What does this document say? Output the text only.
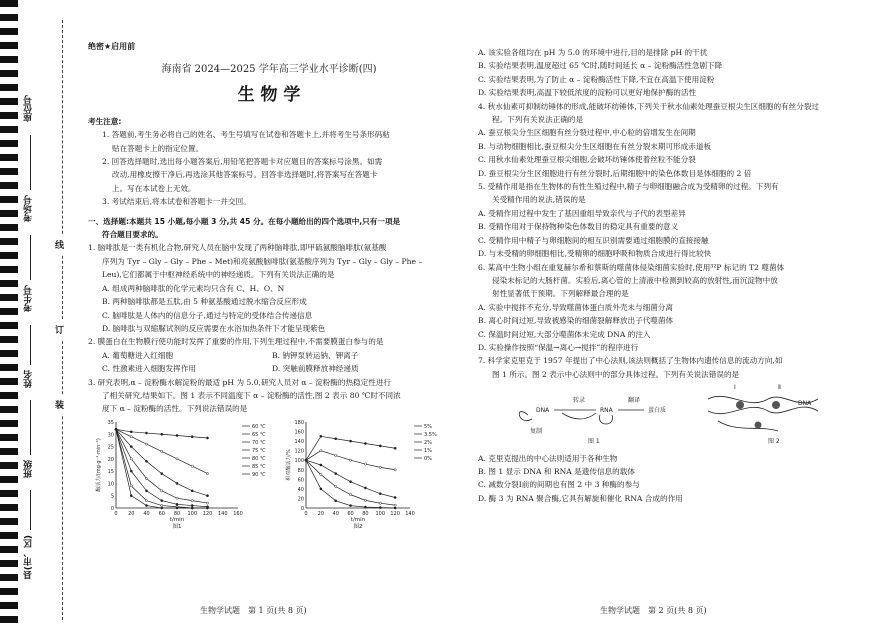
座位号
考场号
考生号
姓名
班级
县(市、区)
线
订
装

绝密★启用前

海南省 2024—2025 学年高三学业水平诊断(四)

生 物 学

考生注意:

1. 答题前,考生务必将自己的姓名、考生号填写在试卷和答题卡上,并将考生号条形码粘

贴在答题卡上的指定位置。

2. 回答选择题时,选出每小题答案后,用铅笔把答题卡对应题目的答案标号涂黑。如需

改动,用橡皮擦干净后,再选涂其他答案标号。回答非选择题时,将答案写在答题卡

上。写在本试卷上无效。

3. 考试结束后,将本试卷和答题卡一并交回。

一、选择题:本题共 15 小题,每小题 3 分,共 45 分。在每小题给出的四个选项中,只有一项是

符合题目要求的。

1. 脑啡肽是一类有机化合物,研究人员在脑中发现了两种脑啡肽,即甲硫氨酸脑啡肽(氨基酸

序列为 Tyr – Gly – Gly – Phe – Met)和亮氨酸脑啡肽(氨基酸序列为 Tyr – Gly – Gly – Phe –

Leu),它们都属于中枢神经系统中的神经递质。下列有关说法正确的是

A. 组成两种脑啡肽的化学元素均只含有 C、H、O、N

B. 两种脑啡肽都是五肽,由 5 种氨基酸通过脱水缩合反应形成

C. 脑啡肽是人体内的信息分子,通过与特定的受体结合传递信息

D. 脑啡肽与双缩脲试剂的反应需要在水浴加热条件下才能呈现紫色

2. 膜蛋白在生物膜行使功能时发挥了重要的作用,下列生理过程中,不需要膜蛋白参与的是

A. 葡萄糖进入红细胞	B. 钠钾泵转运钠、钾离子

C. 性激素进入细胞发挥作用	D. 突触前膜释放神经递质

3. 研究表明,α – 淀粉酶水解淀粉的最适 pH 为 5.0,研究人员对 α – 淀粉酶的热稳定性进行

了相关研究,结果如下。图 1 表示不同温度下 α – 淀粉酶的活性,图 2 表示 80 ℃时不同浓

度下 α – 淀粉酶的活性。下列说法错误的是

0 20 40 60 80 100 120 140 160
0
5
10
15
20
25
30
35
t/min
图1
酶活力/(mg·g⁻¹·min⁻¹)
60 ℃
65 ℃
70 ℃
75 ℃
80 ℃
85 ℃
90 ℃
0 20 40 60 80 100 120 140
0
20
40
60
80
100
120
140
160
180
t/min
图2
相对酶活力/%
5%
3.5%
2%
1%
0%

A. 该实验各组均在 pH 为 5.0 的环境中进行,目的是排除 pH 的干扰

B. 实验结果表明,温度超过 65 ℃时,随时间延长 α – 淀粉酶活性急剧下降

C. 实验结果表明,为了防止 α – 淀粉酶活性下降,不宜在高温下使用淀粉

D. 实验结果表明,高温下较低浓度的淀粉可以更好地保护酶的活性

4. 秋水仙素可抑制纺锤体的形成,能破坏纺锤体,下列关于秋水仙素处理蚕豆根尖生区细胞的有丝分裂过

程。下列有关说法正确的是

A. 蚕豆根尖分生区细胞有丝分裂过程中,中心粒的倍增发生在间期

B. 与动物细胞相比,蚕豆根尖分生区细胞在有丝分裂末期可形成赤道板

C. 用秋水仙素处理蚕豆根尖细胞,会破坏纺锤体使着丝粒不能分裂

D. 蚕豆根尖分生区细胞进行有丝分裂时,后期细胞中的染色体数目是体细胞的 2 倍

5. 受精作用是指在生物体的有性生殖过程中,精子与卵细胞融合成为受精卵的过程。下列有

关受精作用的说法,错误的是

A. 受精作用过程中发生了基因重组导致亲代与子代的表型差异

B. 受精作用对于保持物种染色体数目的稳定具有重要的意义

C. 受精作用中精子与卵细胞间的相互识别需要通过细胞膜的直接接触

D. 与未受精的卵细胞相比,受精卵的细胞呼吸和物质合成进行得比较快

6. 某高中生物小组在重复赫尔希和蔡斯的噬菌体侵染细菌实验时,使用³²P 标记的 T2 噬菌体

侵染未标记的大肠杆菌。实验后,离心管的上清液中检测到较高的放射性,而沉淀物中放

射性显著低于预期。下列解释最合理的是

A. 实验中搅拌不充分,导致噬菌体蛋白质外壳未与细菌分离

B. 离心时间过短,导致被感染的细菌裂解释放出子代噬菌体

C. 保温时间过短,大部分噬菌体未完成 DNA 的注入

D. 实验操作按照“保温→离心→搅拌”的程序进行

7. 科学家克里克于 1957 年提出了中心法则,该法则概括了生物体内遗传信息的流动方向,如

图 1 所示。图 2 表示中心法则中的部分具体过程。下列有关说法错误的是

DNA	RNA	蛋白质
转录	翻译
复制
图 1	图 2
Ⅰ	Ⅱ
DNA

A. 克里克提出的中心法则适用于各种生物

B. 图 1 显示 DNA 和 RNA 是遗传信息的载体

C. 减数分裂Ⅰ前的间期也有图 2 中 3 种酶的参与

D. 酶 3 为 RNA 聚合酶,它具有解旋和催化 RNA 合成的作用

生物学试题　第 1 页(共 8 页)	生物学试题　第 2 页(共 8 页)
